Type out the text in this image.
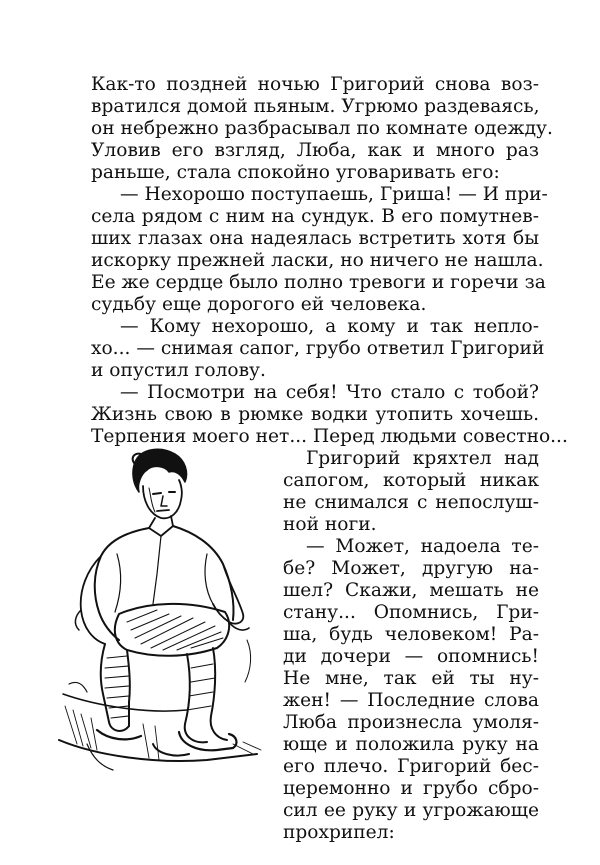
Как-то поздней ночью Григорий снова воз-
вратился домой пьяным. Угрюмо раздеваясь,
он небрежно разбрасывал по комнате одежду.
Уловив его взгляд, Люба, как и много раз
раньше, стала спокойно уговаривать его:
— Нехорошо поступаешь, Гриша! — И при-
села рядом с ним на сундук. В его помутнев-
ших глазах она надеялась встретить хотя бы
искорку прежней ласки, но ничего не нашла.
Ее же сердце было полно тревоги и горечи за
судьбу еще дорогого ей человека.
— Кому нехорошо, а кому и так непло-
хо... — снимая сапог, грубо ответил Григорий
и опустил голову.
— Посмотри на себя! Что стало с тобой?
Жизнь свою в рюмке водки утопить хочешь.
Терпения моего нет... Перед людьми совестно...
Григорий кряхтел над
сапогом, который никак
не снимался с непослуш-
ной ноги.
— Может, надоела те-
бе? Может, другую на-
шел? Скажи, мешать не
стану... Опомнись, Гри-
ша, будь человеком! Ра-
ди дочери — опомнись!
Не мне, так ей ты ну-
жен! — Последние слова
Люба произнесла умоля-
юще и положила руку на
его плечо. Григорий бес-
церемонно и грубо сбро-
сил ее руку и угрожающе
прохрипел:
